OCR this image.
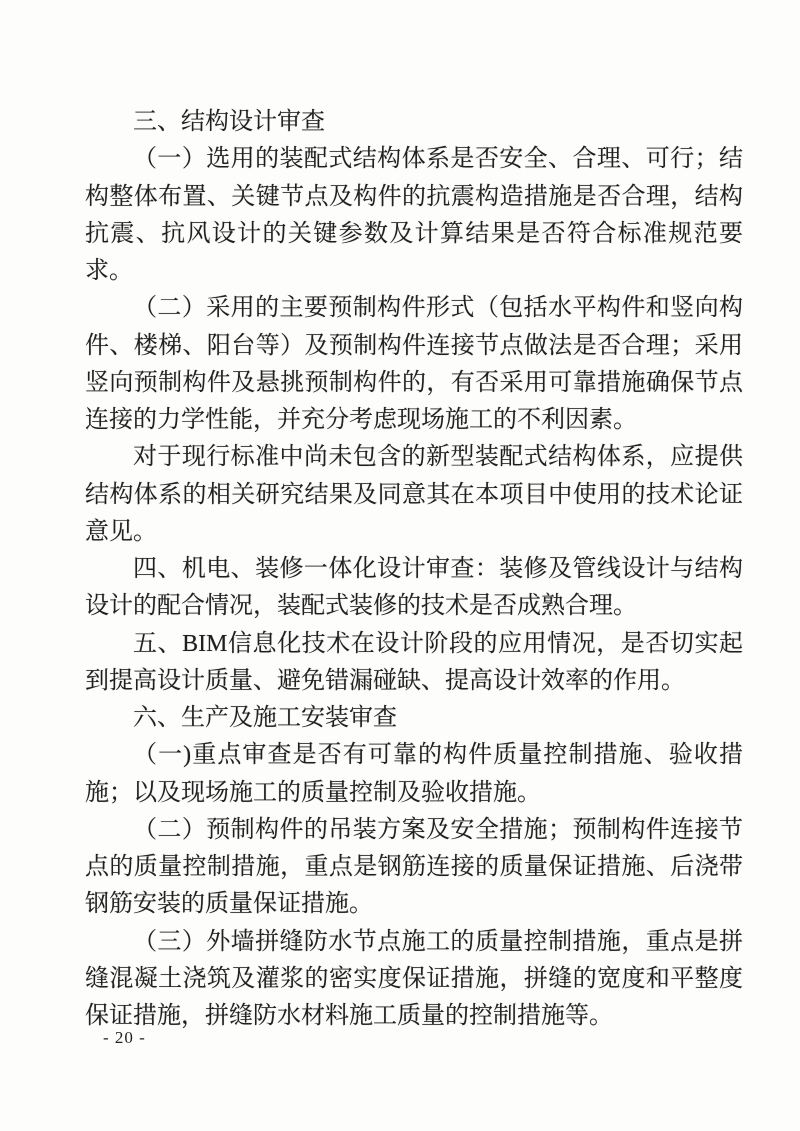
三、结构设计审查

（一）选用的装配式结构体系是否安全、合理、可行；结构整体布置、关键节点及构件的抗震构造措施是否合理，结构抗震、抗风设计的关键参数及计算结果是否符合标准规范要求。

（二）采用的主要预制构件形式（包括水平构件和竖向构件、楼梯、阳台等）及预制构件连接节点做法是否合理；采用竖向预制构件及悬挑预制构件的，有否采用可靠措施确保节点连接的力学性能，并充分考虑现场施工的不利因素。

对于现行标准中尚未包含的新型装配式结构体系，应提供结构体系的相关研究结果及同意其在本项目中使用的技术论证意见。

四、机电、装修一体化设计审查：装修及管线设计与结构设计的配合情况，装配式装修的技术是否成熟合理。

五、BIM信息化技术在设计阶段的应用情况，是否切实起到提高设计质量、避免错漏碰缺、提高设计效率的作用。

六、生产及施工安装审查

（一)重点审查是否有可靠的构件质量控制措施、验收措施；以及现场施工的质量控制及验收措施。

（二）预制构件的吊装方案及安全措施；预制构件连接节点的质量控制措施，重点是钢筋连接的质量保证措施、后浇带钢筋安装的质量保证措施。

（三）外墙拼缝防水节点施工的质量控制措施，重点是拼缝混凝土浇筑及灌浆的密实度保证措施，拼缝的宽度和平整度保证措施，拼缝防水材料施工质量的控制措施等。

- 20 -
